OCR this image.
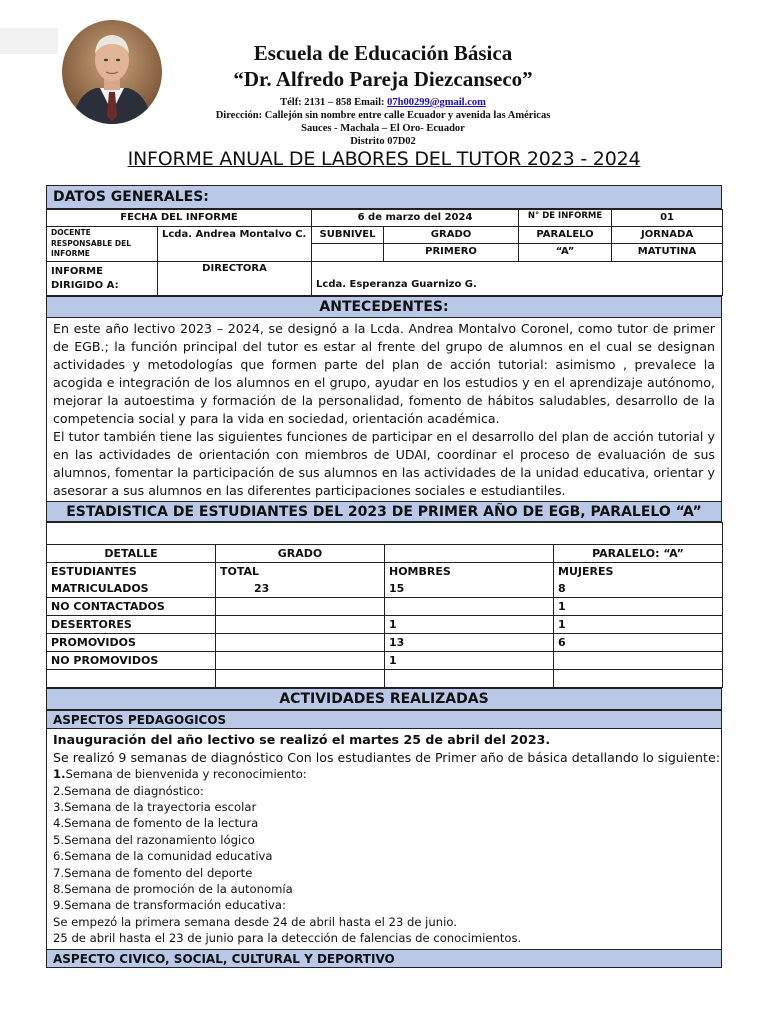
Escuela de Educación Básica
“Dr. Alfredo Pareja Diezcanseco”
Télf: 2131 – 858 Email: 07h00299@gmail.com
Dirección: Callejón sin nombre entre calle Ecuador y avenida las Américas
Sauces - Machala – El Oro- Ecuador
Distrito 07D02
INFORME ANUAL DE LABORES DEL TUTOR 2023 - 2024
DATOS GENERALES:
FECHA DEL INFORME		6 de marzo del 2024		N° DE INFORME	01

DOCENTE
RESPONSABLE DEL
INFORME	Lcda. Andrea Montalvo C.	SUBNIVEL	GRADO	PARALELO	JORNADA
			PRIMERO	“A”	MATUTINA

INFORME
DIRIGIDO A:	DIRECTORA	Lcda. Esperanza Guarnizo G.			
ANTECEDENTES:

En este año lectivo 2023 – 2024, se designó a la Lcda. Andrea Montalvo Coronel, como tutor de primer de EGB.; la función principal del tutor es estar al frente del grupo de alumnos en el cual se designan actividades y metodologías que formen parte del plan de acción tutorial: asimismo , prevalece la acogida e integración de los alumnos en el grupo, ayudar en los estudios y en el aprendizaje autónomo, mejorar la autoestima y formación de la personalidad, fomento de hábitos saludables, desarrollo de la competencia social y para la vida en sociedad, orientación académica.

El tutor también tiene las siguientes funciones de participar en el desarrollo del plan de acción tutorial y en las actividades de orientación con miembros de UDAI, coordinar el proceso de evaluación de sus alumnos, fomentar la participación de sus alumnos en las actividades de la unidad educativa, orientar y asesorar a sus alumnos en las diferentes participaciones sociales e estudiantiles.

ESTADISTICA DE ESTUDIANTES DEL 2023 DE PRIMER AÑO DE EGB, PARALELO “A”

DETALLE	GRADO		PARALELO: “A”
ESTUDIANTES	TOTAL	HOMBRES	MUJERES
MATRICULADOS	23	15	8
NO CONTACTADOS			1
DESERTORES		1	1
PROMOVIDOS		13	6
NO PROMOVIDOS		1	

ACTIVIDADES REALIZADAS
ASPECTOS PEDAGOGICOS
Inauguración del año lectivo se realizó el martes 25 de abril del 2023.
Se realizó 9 semanas de diagnóstico Con los estudiantes de Primer año de básica detallando lo siguiente:
1.Semana de bienvenida y reconocimiento:
2.Semana de diagnóstico:
3.Semana de la trayectoria escolar
4.Semana de fomento de la lectura
5.Semana del razonamiento lógico
6.Semana de la comunidad educativa
7.Semana de fomento del deporte
8.Semana de promoción de la autonomía
9.Semana de transformación educativa:
Se empezó la primera semana desde 24 de abril hasta el 23 de junio.
25 de abril hasta el 23 de junio para la detección de falencias de conocimientos.
ASPECTO CIVICO, SOCIAL, CULTURAL Y DEPORTIVO
